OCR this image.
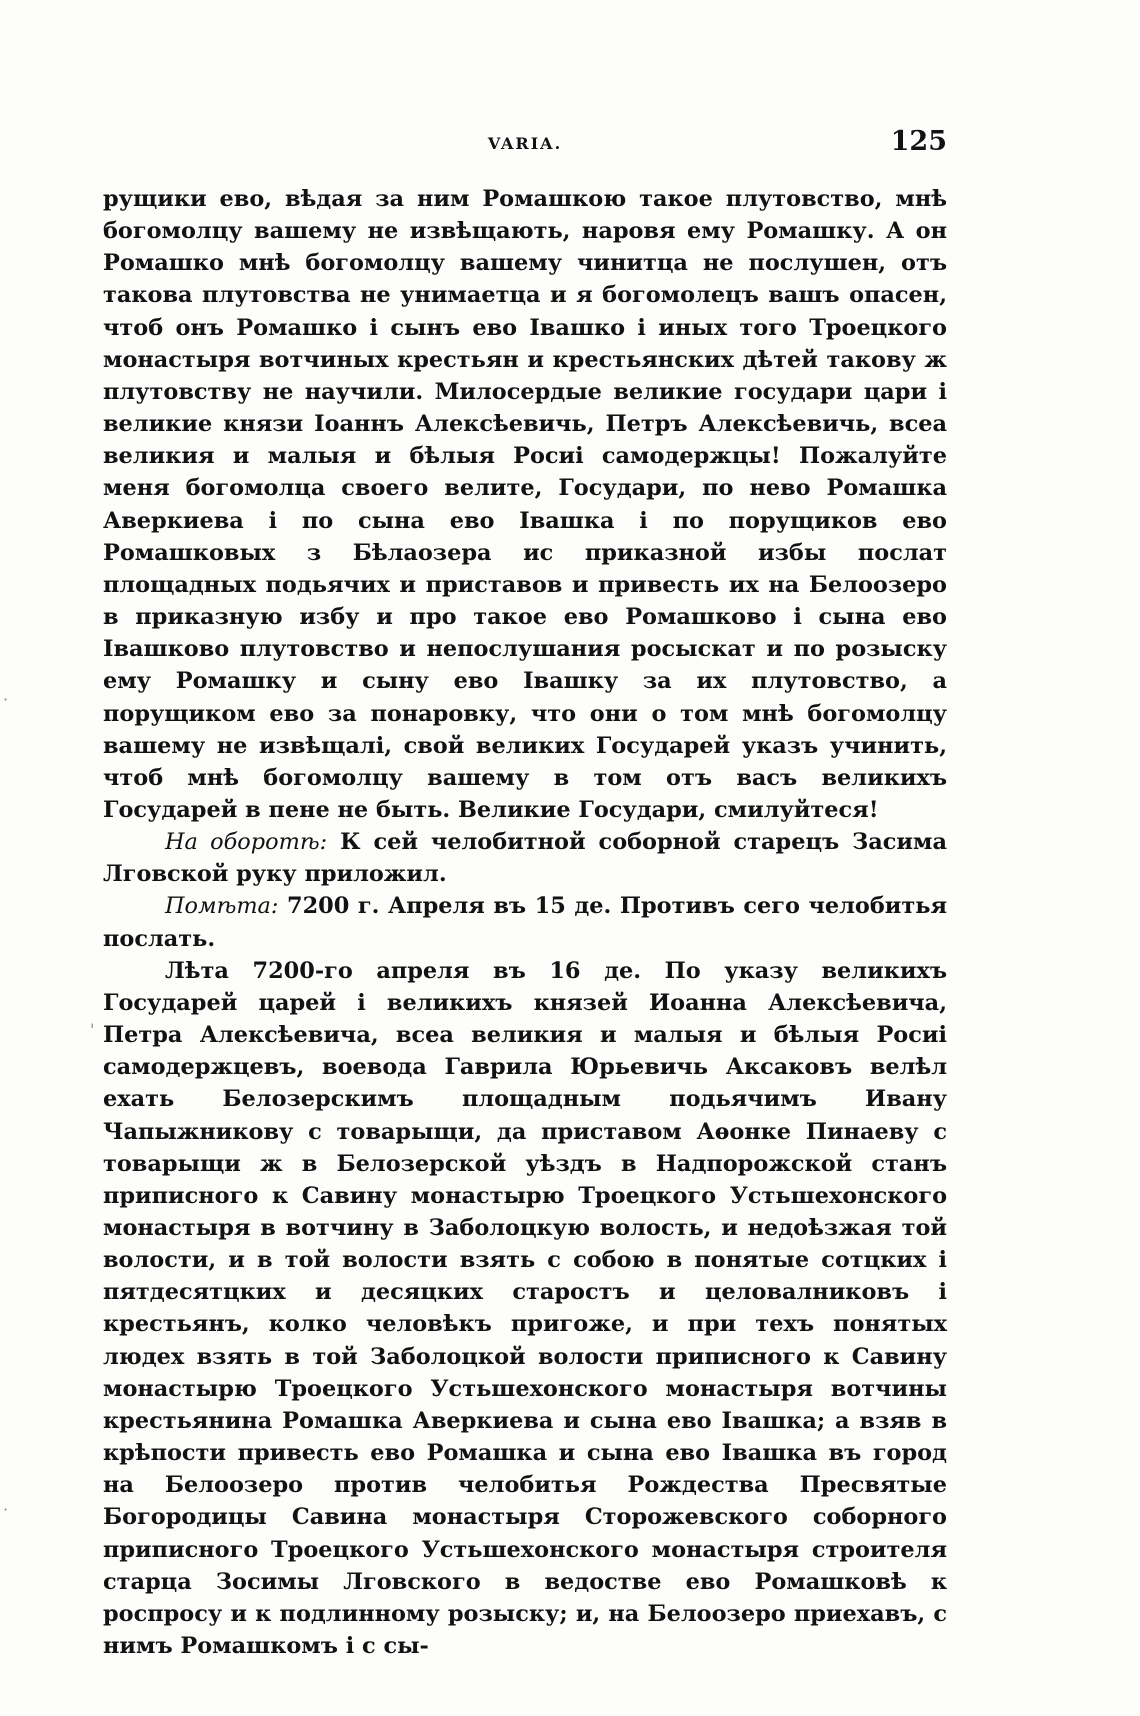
·
·
'
VARIA.	125

рущики ево, вѣдая за ним Ромашкою такое плутовство, мнѣ богомолцу вашему не извѣщають, наровя ему Ромашку. А он Ромашко мнѣ богомолцу вашему чинитца не послушен, отъ такова плутовства не унимаетца и я богомолецъ вашъ опасен, чтоб онъ Ромашко і сынъ ево Івашко і иных того Троецкого монастыря вотчиных крестьян и крестьянских дѣтей такову ж плутовству не научили. Милосердые великие государи цари і великие князи Іоаннъ Алексѣевичь, Петръ Алексѣевичь, всеа великия и малыя и бѣлыя Росиі самодержцы! Пожалуйте меня богомолца своего велите, Государи, по нево Ромашка Аверкиева і по сына ево Івашка і по порущиков ево Ромашковых з Бѣлаозера ис приказной избы послат площадных подьячих и приставов и привесть их на Белоозеро в приказную избу и про такое ево Ромашково і сына ево Івашково плутовство и непослушания росыскат и по розыску ему Ромашку и сыну ево Івашку за их плутовство, а порущиком ево за понаровку, что они о том мнѣ богомолцу вашему не извѣщалі, свой великих Государей указъ учинить, чтоб мнѣ богомолцу вашему в том отъ васъ великихъ Государей в пене не быть. Великие Государи, смилуйтеся!

На оборотѣ: К сей челобитной соборной старецъ Засима Лговской руку приложил.

Помѣта: 7200 г. Апреля въ 15 де. Противъ сего челобитья послать.

Лѣта 7200-го апреля въ 16 де. По указу великихъ Государей царей і великихъ князей Иоанна Алексѣевича, Петра Алексѣевича, всеа великия и малыя и бѣлыя Росиі самодержцевъ, воевода Гаврила Юрьевичь Аксаковъ велѣл ехать Белозерскимъ площадным подьячимъ Ивану Чапыжникову с товарыщи, да приставом Аѳонке Пинаеву с товарыщи ж в Белозерской уѣздъ в Надпорожской станъ приписного к Савину монастырю Троецкого Устьшехонского монастыря в вотчину в Заболоцкую волость, и недоѣзжая той волости, и в той волости взять с собою в понятые сотцких і пятдесятцких и десяцких старостъ и целовалниковъ і крестьянъ, колко человѣкъ пригоже, и при техъ понятых людех взять в той Заболоцкой волости приписного к Савину монастырю Троецкого Устьшехонского монастыря вотчины крестьянина Ромашка Аверкиева и сына ево Івашка; а взяв в крѣпости привесть ево Ромашка и сына ево Івашка въ город на Белоозеро против челобитья Рождества Пресвятые Богородицы Савина монастыря Сторожевского соборного приписного Троецкого Устьшехонского монастыря строителя старца Зосимы Лговского в ведостве ево Ромашковѣ к роспросу и к подлинному розыску; и, на Белоозеро приехавъ, с нимъ Ромашкомъ і с сы-
